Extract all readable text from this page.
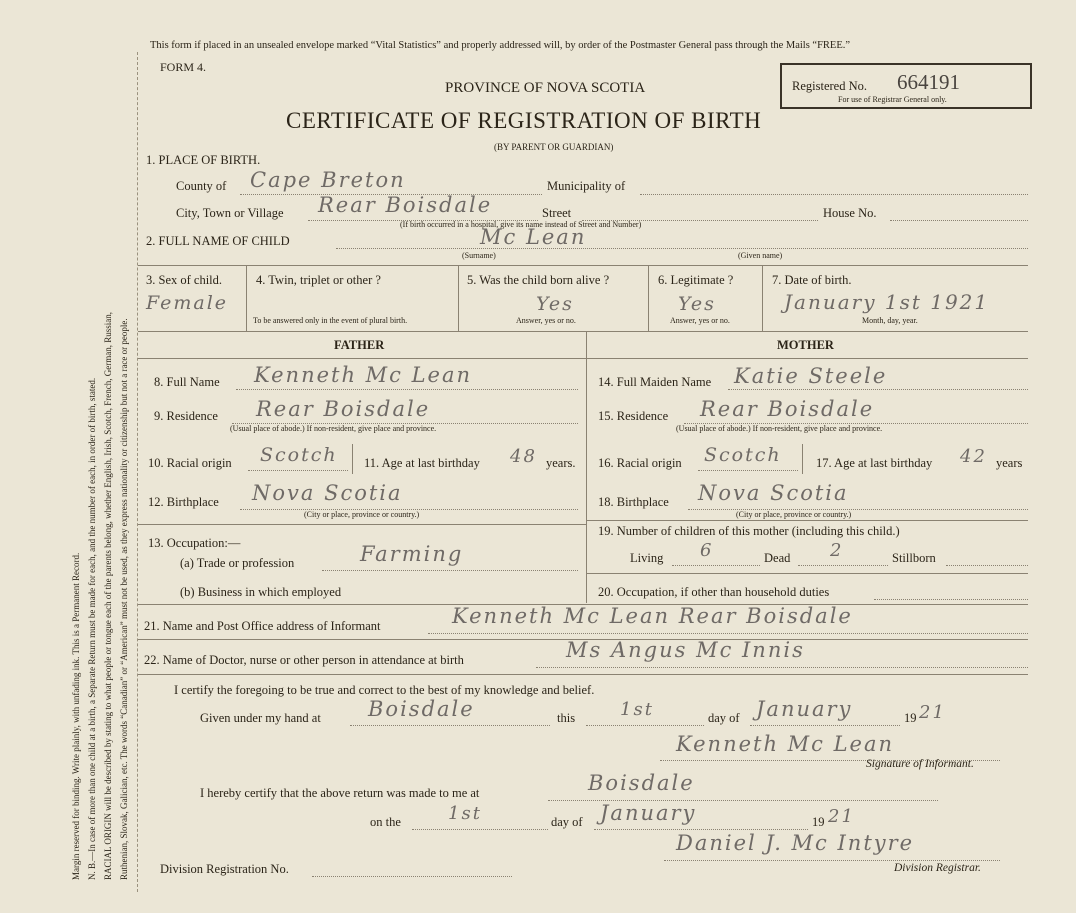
Margin reserved for binding. Write plainly, with unfading ink. This is a Permanent Record. N. B.—In case of more than one child at a birth, a Separate Return must be made for each, and the number of each, in order of birth, stated. RACIAL ORIGIN will be described by stating to what people or tongue each of the parents belong, whether English, Irish, Scotch, French, German, Russian, Ruthenian, Slovak, Galician, etc. The words “Canadian” or “American” must not be used, as they express nationality or citizenship but not a race or people.
This form if placed in an unsealed envelope marked “Vital Statistics” and properly addressed will, by order of the Postmaster General pass through the Mails “FREE.”
FORM 4.
PROVINCE OF NOVA SCOTIA
CERTIFICATE OF REGISTRATION OF BIRTH
(BY PARENT OR GUARDIAN)
Registered No. 664191
For use of Registrar General only.
1. PLACE OF BIRTH.
County of Cape Breton	Municipality of
City, Town or Village Rear Boisdale	Street	House No.
(If birth occurred in a hospital, give its name instead of Street and Number)
2. FULL NAME OF CHILD	Mc Lean
(Surname)	(Given name)
3. Sex of child.
Female
4. Twin, triplet or other ?
To be answered only in the event of plural birth.
5. Was the child born alive ?
Yes
Answer, yes or no.
6. Legitimate ?
Yes
Answer, yes or no.
7. Date of birth.
January 1st 1921
Month, day, year.
FATHER	MOTHER
8. Full Name Kenneth Mc Lean
9. Residence Rear Boisdale
(Usual place of abode.) If non-resident, give place and province.
10. Racial origin Scotch 11. Age at last birthday 48 years.
12. Birthplace Nova Scotia
(City or place, province or country.)
13. Occupation:—
(a) Trade or profession	Farming
(b) Business in which employed
14. Full Maiden Name Katie Steele
15. Residence Rear Boisdale
(Usual place of abode.) If non-resident, give place and province.
16. Racial origin Scotch	17. Age at last birthday 42 years
18. Birthplace Nova Scotia
(City or place, province or country.)
19. Number of children of this mother (including this child.)
Living 6	Dead 2	Stillborn
20. Occupation, if other than household duties
21. Name and Post Office address of Informant	Kenneth Mc Lean Rear Boisdale
22. Name of Doctor, nurse or other person in attendance at birth	Ms Angus Mc Innis
I certify the foregoing to be true and correct to the best of my knowledge and belief.
Given under my hand at Boisdale	this 1st	day of January	19 21
Kenneth Mc Lean
Signature of Informant.
I hereby certify that the above return was made to me at	Boisdale
on the	1st	day of January	19 21
Division Registration No.
Daniel J. Mc Intyre
Division Registrar.
